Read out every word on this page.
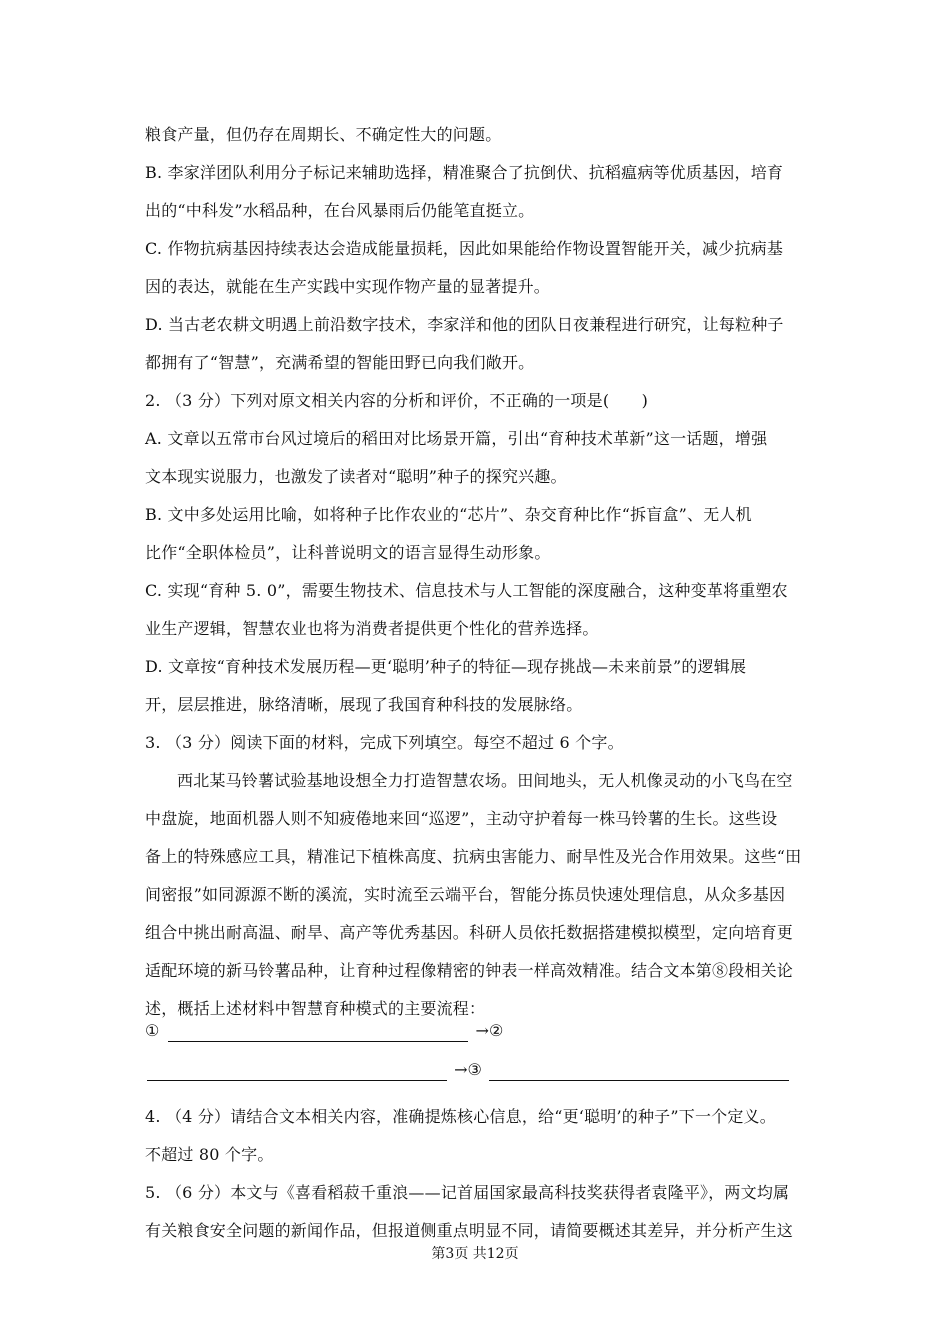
粮食产量，但仍存在周期长、不确定性大的问题。
B. 李家洋团队利用分子标记来辅助选择，精准聚合了抗倒伏、抗稻瘟病等优质基因，培育
出的“中科发”水稻品种，在台风暴雨后仍能笔直挺立。
C. 作物抗病基因持续表达会造成能量损耗，因此如果能给作物设置智能开关，减少抗病基
因的表达，就能在生产实践中实现作物产量的显著提升。
D. 当古老农耕文明遇上前沿数字技术，李家洋和他的团队日夜兼程进行研究，让每粒种子
都拥有了“智慧”，充满希望的智能田野已向我们敞开。
2. （3 分）下列对原文相关内容的分析和评价，不正确的一项是(　　)
A. 文章以五常市台风过境后的稻田对比场景开篇，引出“育种技术革新”这一话题，增强
文本现实说服力，也激发了读者对“聪明”种子的探究兴趣。
B. 文中多处运用比喻，如将种子比作农业的“芯片”、杂交育种比作“拆盲盒”、无人机
比作“全职体检员”，让科普说明文的语言显得生动形象。
C. 实现“育种 5. 0”，需要生物技术、信息技术与人工智能的深度融合，这种变革将重塑农
业生产逻辑，智慧农业也将为消费者提供更个性化的营养选择。
D. 文章按“育种技术发展历程—更‘聪明’种子的特征—现存挑战—未来前景”的逻辑展
开，层层推进，脉络清晰，展现了我国育种科技的发展脉络。
3. （3 分）阅读下面的材料，完成下列填空。每空不超过 6 个字。
西北某马铃薯试验基地设想全力打造智慧农场。田间地头，无人机像灵动的小飞鸟在空
中盘旋，地面机器人则不知疲倦地来回“巡逻”，主动守护着每一株马铃薯的生长。这些设
备上的特殊感应工具，精准记下植株高度、抗病虫害能力、耐旱性及光合作用效果。这些“田
间密报”如同源源不断的溪流，实时流至云端平台，智能分拣员快速处理信息，从众多基因
组合中挑出耐高温、耐旱、高产等优秀基因。科研人员依托数据搭建模拟模型，定向培育更
适配环境的新马铃薯品种，让育种过程像精密的钟表一样高效精准。结合文本第⑧段相关论
述，概括上述材料中智慧育种模式的主要流程：
4. （4 分）请结合文本相关内容，准确提炼核心信息，给“更‘聪明’的种子”下一个定义。
不超过 80 个字。
5. （6 分）本文与《喜看稻菽千重浪——记首届国家最高科技奖获得者袁隆平》，两文均属
有关粮食安全问题的新闻作品，但报道侧重点明显不同，请简要概述其差异，并分析产生这
①	→②
→③
第3页 共12页
